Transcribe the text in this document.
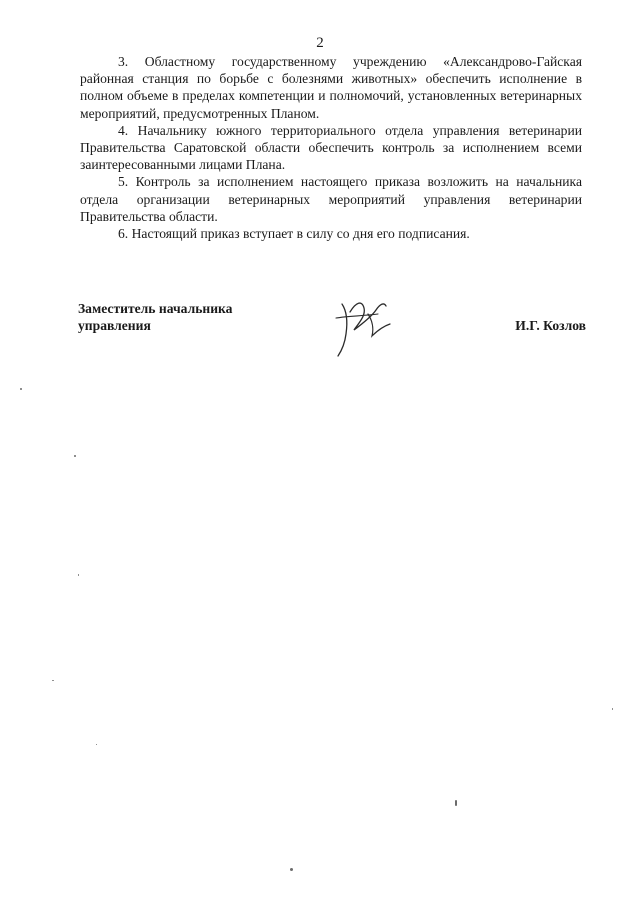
2

3. Областному государственному учреждению «Александрово-Гайская районная станция по борьбе с болезнями животных» обеспечить исполнение в полном объеме в пределах компетенции и полномочий, установленных ветеринарных мероприятий, предусмотренных Планом.

4. Начальнику южного территориального отдела управления ветеринарии Правительства Саратовской области обеспечить контроль за исполнением всеми заинтересованными лицами Плана.

5. Контроль за исполнением настоящего приказа возложить на начальника отдела организации ветеринарных мероприятий управления ветеринарии Правительства области.

6. Настоящий приказ вступает в силу со дня его подписания.

Заместитель начальника
управления	И.Г. Козлов
